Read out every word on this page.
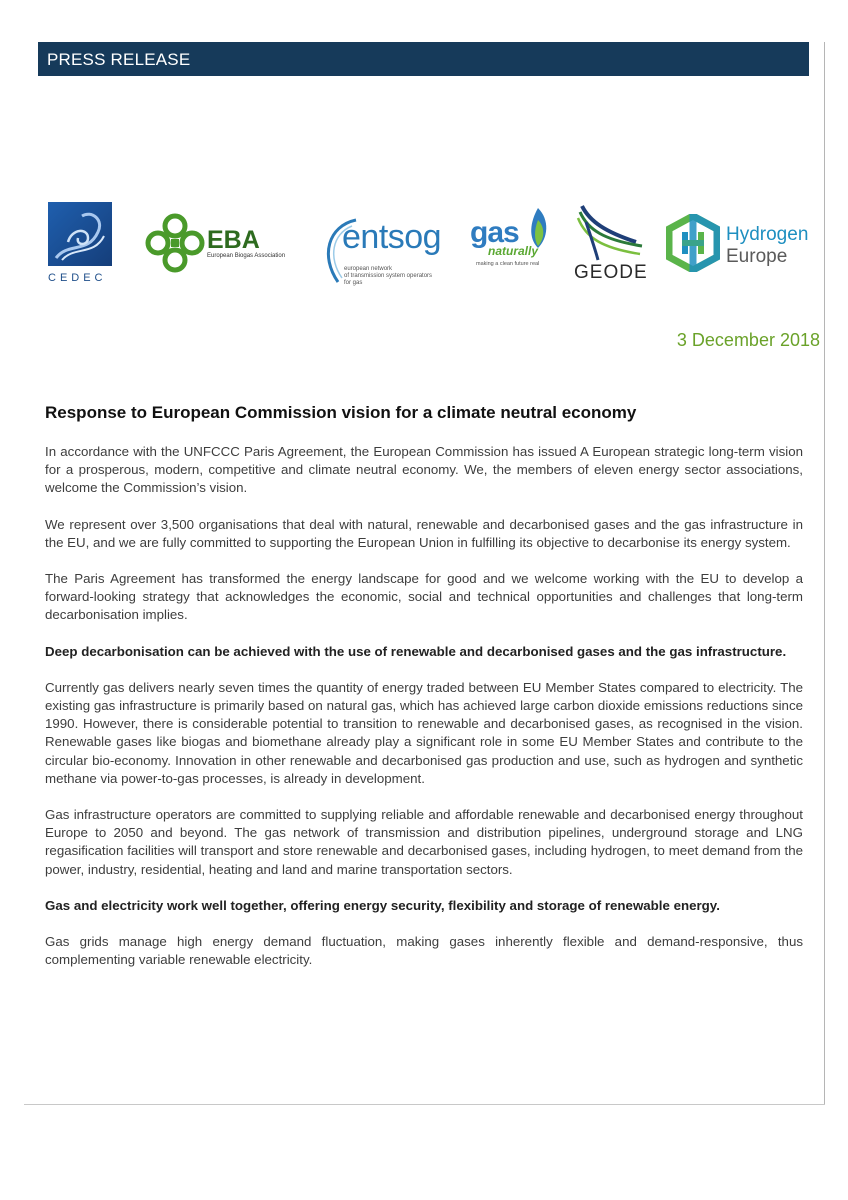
PRESS RELEASE
CEDEC
EBA
European Biogas Association entsog
european network
of transmission system operators
for gas
gas
naturally
making a clean future real GEODE
Hydrogen
Europe
3 December 2018
Response to European Commission vision for a climate neutral economy

In accordance with the UNFCCC Paris Agreement, the European Commission has issued A European strategic long-term vision for a prosperous, modern, competitive and climate neutral economy. We, the members of eleven energy sector associations, welcome the Commission’s vision.

We represent over 3,500 organisations that deal with natural, renewable and decarbonised gases and the gas infrastructure in the EU, and we are fully committed to supporting the European Union in fulfilling its objective to decarbonise its energy system.

The Paris Agreement has transformed the energy landscape for good and we welcome working with the EU to develop a forward-looking strategy that acknowledges the economic, social and technical opportunities and challenges that long-term decarbonisation implies.

Deep decarbonisation can be achieved with the use of renewable and decarbonised gases and the gas infrastructure.

Currently gas delivers nearly seven times the quantity of energy traded between EU Member States compared to electricity. The existing gas infrastructure is primarily based on natural gas, which has achieved large carbon dioxide emissions reductions since 1990. However, there is considerable potential to transition to renewable and decarbonised gases, as recognised in the vision. Renewable gases like biogas and biomethane already play a significant role in some EU Member States and contribute to the circular bio-economy. Innovation in other renewable and decarbonised gas production and use, such as hydrogen and synthetic methane via power-to-gas processes, is already in development.

Gas infrastructure operators are committed to supplying reliable and affordable renewable and decarbonised energy throughout Europe to 2050 and beyond. The gas network of transmission and distribution pipelines, underground storage and LNG regasification facilities will transport and store renewable and decarbonised gases, including hydrogen, to meet demand from the power, industry, residential, heating and land and marine transportation sectors.

Gas and electricity work well together, offering energy security, flexibility and storage of renewable energy.

Gas grids manage high energy demand fluctuation, making gases inherently flexible and demand-responsive, thus complementing variable renewable electricity.
